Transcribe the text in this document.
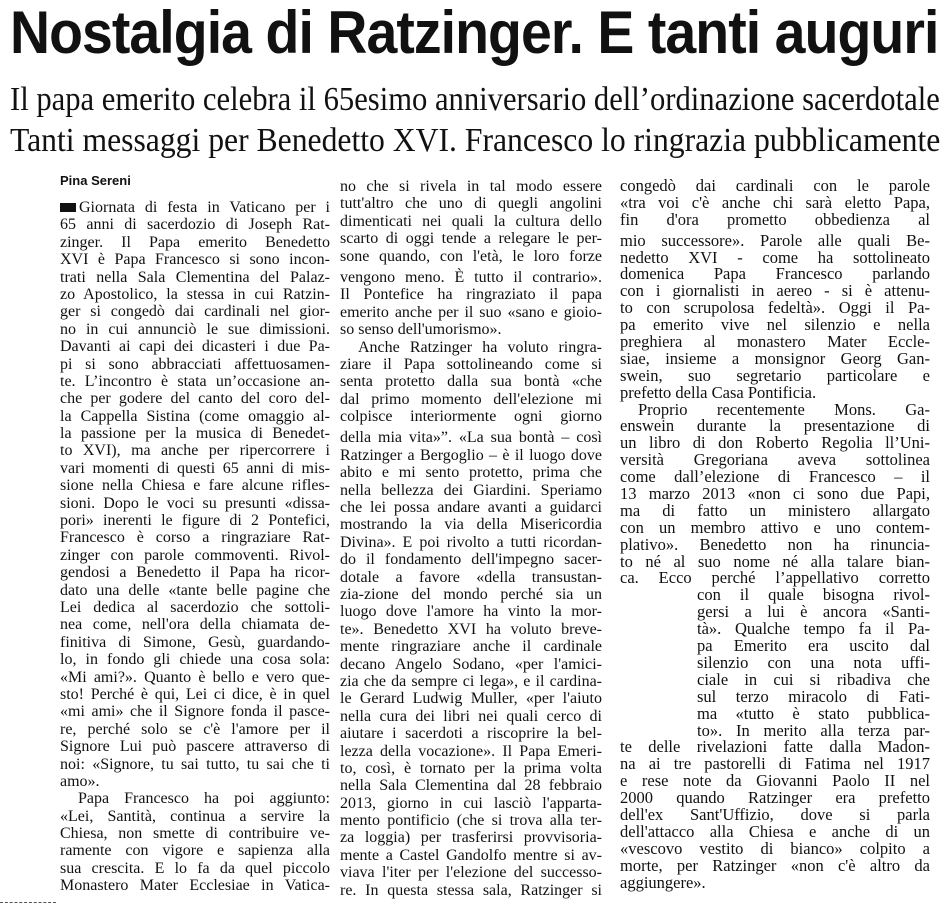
Nostalgia di Ratzinger. E tanti auguri
Il papa emerito celebra il 65esimo anniversario dell’ordinazione sacerdotale
Tanti messaggi per Benedetto XVI. Francesco lo ringrazia pubblicamente
Pina Sereni
Giornata di festa in Vaticano per i
65 anni di sacerdozio di Joseph Rat-
zinger. Il Papa emerito Benedetto
XVI è Papa Francesco si sono incon-
trati nella Sala Clementina del Palaz-
zo Apostolico, la stessa in cui Ratzin-
ger si congedò dai cardinali nel gior-
no in cui annunciò le sue dimissioni.
Davanti ai capi dei dicasteri i due Pa-
pi si sono abbracciati affettuosamen-
te. L’incontro è stata un’occasione an-
che per godere del canto del coro del-
la Cappella Sistina (come omaggio al-
la passione per la musica di Benedet-
to XVI), ma anche per ripercorrere i
vari momenti di questi 65 anni di mis-
sione nella Chiesa e fare alcune rifles-
sioni. Dopo le voci su presunti «dissa-
pori» inerenti le figure di 2 Pontefici,
Francesco è corso a ringraziare Rat-
zinger con parole commoventi. Rivol-
gendosi a Benedetto il Papa ha ricor-
dato una delle «tante belle pagine che
Lei dedica al sacerdozio che sottoli-
nea come, nell'ora della chiamata de-
finitiva di Simone, Gesù, guardando-
lo, in fondo gli chiede una cosa sola:
«Mi ami?». Quanto è bello e vero que-
sto! Perché è qui, Lei ci dice, è in quel
«mi ami» che il Signore fonda il pasce-
re, perché solo se c'è l'amore per il
Signore Lui può pascere attraverso di
noi: «Signore, tu sai tutto, tu sai che ti
amo».
Papa Francesco ha poi aggiunto:
«Lei, Santità, continua a servire la
Chiesa, non smette di contribuire ve-
ramente con vigore e sapienza alla
sua crescita. E lo fa da quel piccolo
Monastero Mater Ecclesiae in Vatica-
no che si rivela in tal modo essere
tutt'altro che uno di quegli angolini
dimenticati nei quali la cultura dello
scarto di oggi tende a relegare le per-
sone quando, con l'età, le loro forze
vengono meno. È tutto il contrario».
Il Pontefice ha ringraziato il papa
emerito anche per il suo «sano e gioio-
so senso dell'umorismo».
Anche Ratzinger ha voluto ringra-
ziare il Papa sottolineando come si
senta protetto dalla sua bontà «che
dal primo momento dell'elezione mi
colpisce interiormente ogni giorno
della mia vita»”. «La sua bontà – così
Ratzinger a Bergoglio – è il luogo dove
abito e mi sento protetto, prima che
nella bellezza dei Giardini. Speriamo
che lei possa andare avanti a guidarci
mostrando la via della Misericordia
Divina». E poi rivolto a tutti ricordan-
do il fondamento dell'impegno sacer-
dotale a favore «della transustan-
zia-zione del mondo perché sia un
luogo dove l'amore ha vinto la mor-
te». Benedetto XVI ha voluto breve-
mente ringraziare anche il cardinale
decano Angelo Sodano, «per l'amici-
zia che da sempre ci lega», e il cardina-
le Gerard Ludwig Muller, «per l'aiuto
nella cura dei libri nei quali cerco di
aiutare i sacerdoti a riscoprire la bel-
lezza della vocazione». Il Papa Emeri-
to, così, è tornato per la prima volta
nella Sala Clementina dal 28 febbraio
2013, giorno in cui lasciò l'apparta-
mento pontificio (che si trova alla ter-
za loggia) per trasferirsi provvisoria-
mente a Castel Gandolfo mentre si av-
viava l'iter per l'elezione del successo-
re. In questa stessa sala, Ratzinger si
congedò dai cardinali con le parole
«tra voi c'è anche chi sarà eletto Papa,
fin d'ora prometto obbedienza al
mio successore». Parole alle quali Be-
nedetto XVI - come ha sottolineato
domenica Papa Francesco parlando
con i giornalisti in aereo - si è attenu-
to con scrupolosa fedeltà». Oggi il Pa-
pa emerito vive nel silenzio e nella
preghiera al monastero Mater Eccle-
siae, insieme a monsignor Georg Gan-
swein, suo segretario particolare e
prefetto della Casa Pontificia.
Proprio recentemente Mons. Ga-
enswein durante la presentazione di
un libro di don Roberto Regolia ll’Uni-
versità Gregoriana aveva sottolinea
come dall’elezione di Francesco – il
13 marzo 2013 «non ci sono due Papi,
ma di fatto un ministero allargato
con un membro attivo e uno contem-
plativo». Benedetto non ha rinuncia-
to né al suo nome né alla talare bian-
ca. Ecco perché l’appellativo corretto
con il quale bisogna rivol-
gersi a lui è ancora «Santi-
tà». Qualche tempo fa il Pa-
pa Emerito era uscito dal
silenzio con una nota uffi-
ciale in cui si ribadiva che
sul terzo miracolo di Fati-
ma «tutto è stato pubblica-
to». In merito alla terza par-
te delle rivelazioni fatte dalla Madon-
na ai tre pastorelli di Fatima nel 1917
e rese note da Giovanni Paolo II nel
2000 quando Ratzinger era prefetto
dell'ex Sant'Uffizio, dove si parla
dell'attacco alla Chiesa e anche di un
«vescovo vestito di bianco» colpito a
morte, per Ratzinger «non c'è altro da
aggiungere».
